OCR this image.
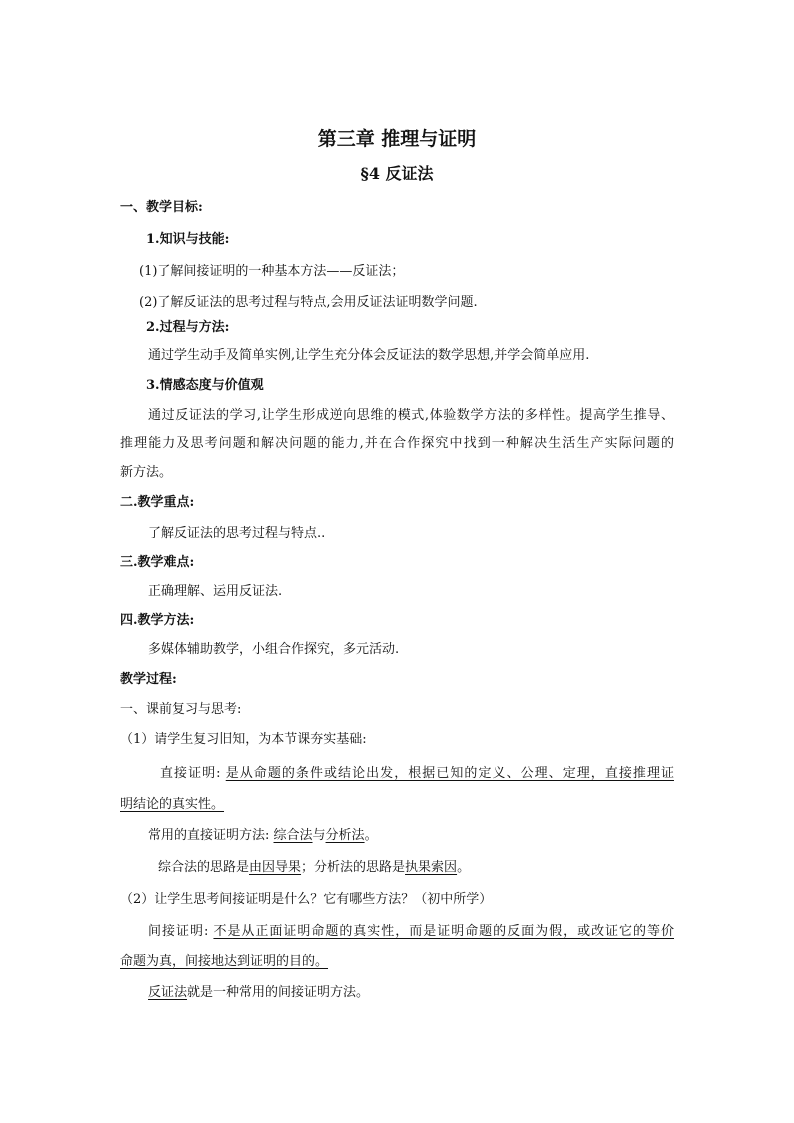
第三章 推理与证明
§4 反证法
一、教学目标:
1.知识与技能:
(1)了解间接证明的一种基本方法——反证法；
(2)了解反证法的思考过程与特点,会用反证法证明数学问题.
2.过程与方法:
通过学生动手及简单实例,让学生充分体会反证法的数学思想,并学会简单应用.
3.情感态度与价值观
通过反证法的学习,让学生形成逆向思维的模式,体验数学方法的多样性。提高学生推导、
推理能力及思考问题和解决问题的能力,并在合作探究中找到一种解决生活生产实际问题的
新方法。
二.教学重点:
了解反证法的思考过程与特点..
三.教学难点:
正确理解、运用反证法.
四.教学方法:
多媒体辅助教学，小组合作探究，多元活动.
教学过程:
一、课前复习与思考:
（1）请学生复习旧知，为本节课夯实基础:
直接证明: 是从命题的条件或结论出发，根据已知的定义、公理、定理，直接推理证
明结论的真实性。
常用的直接证明方法: 综合法与分析法。
综合法的思路是由因导果；分析法的思路是执果索因。
（2）让学生思考间接证明是什么？它有哪些方法？（初中所学）
间接证明: 不是从正面证明命题的真实性，而是证明命题的反面为假，或改证它的等价
命题为真，间接地达到证明的目的。
反证法就是一种常用的间接证明方法。
